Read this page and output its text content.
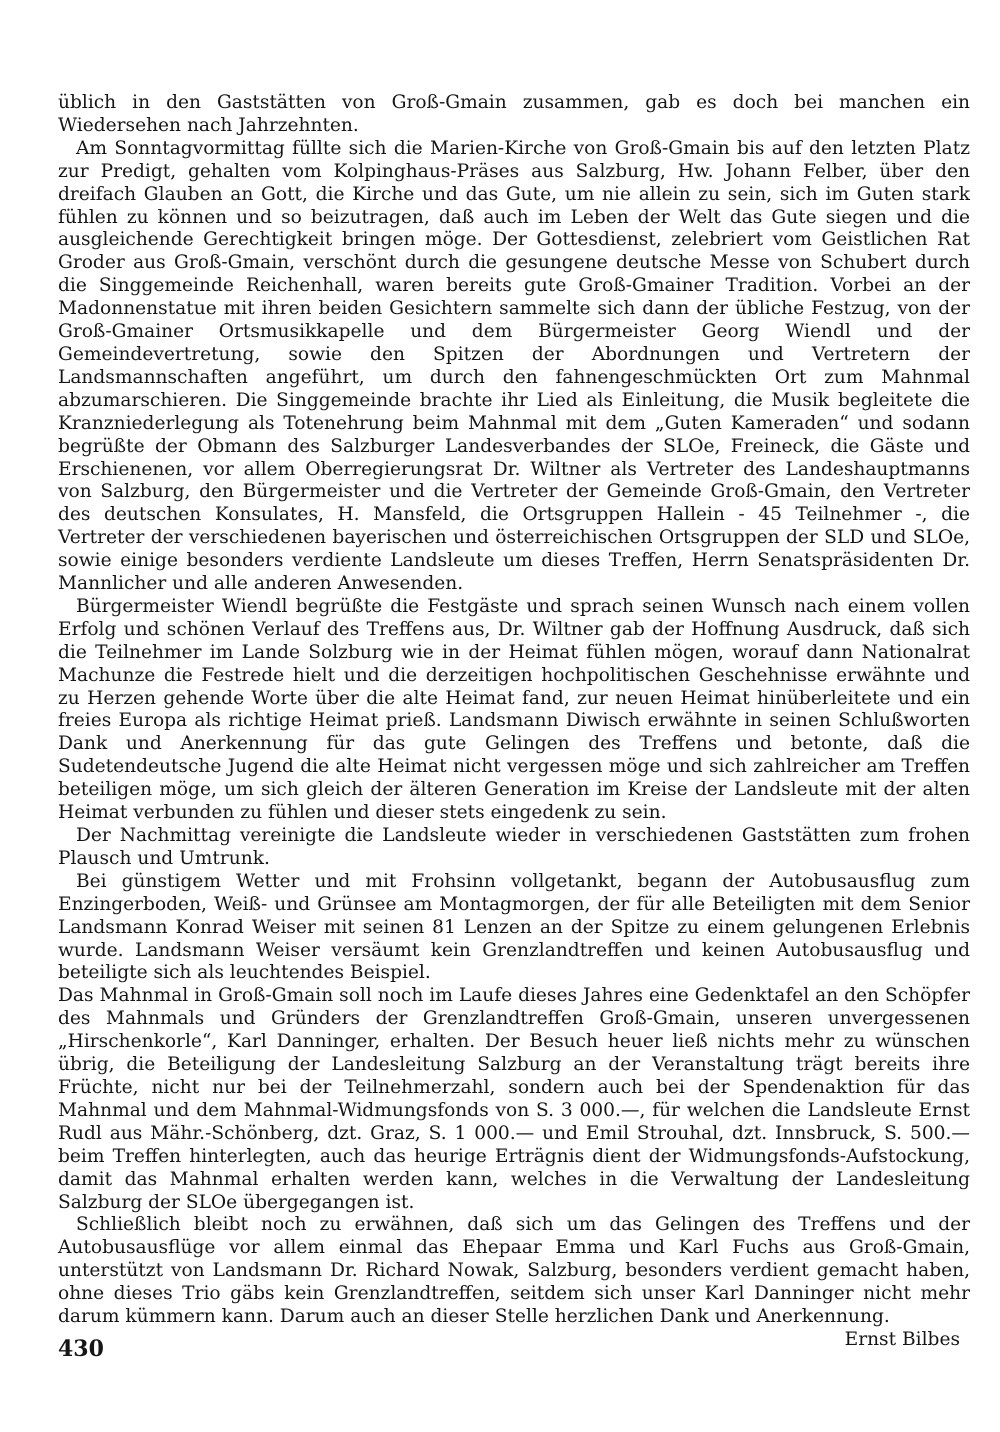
üblich in den Gaststätten von Groß-Gmain zusammen, gab es doch bei manchen ein Wiedersehen nach Jahrzehnten.

Am Sonntagvormittag füllte sich die Marien-Kirche von Groß-Gmain bis auf den letzten Platz zur Predigt, gehalten vom Kolpinghaus-Präses aus Salzburg, Hw. Johann Felber, über den dreifach Glauben an Gott, die Kirche und das Gute, um nie allein zu sein, sich im Guten stark fühlen zu können und so beizutragen, daß auch im Leben der Welt das Gute siegen und die ausgleichende Gerechtigkeit bringen möge. Der Gottesdienst, zelebriert vom Geistlichen Rat Groder aus Groß-Gmain, verschönt durch die gesungene deutsche Messe von Schubert durch die Singgemeinde Reichenhall, waren bereits gute Groß-Gmainer Tradition. Vorbei an der Madonnenstatue mit ihren beiden Gesichtern sammelte sich dann der übliche Festzug, von der Groß-Gmainer Ortsmusikkapelle und dem Bürgermeister Georg Wiendl und der Gemeindevertretung, sowie den Spitzen der Abordnungen und Vertretern der Landsmannschaften angeführt, um durch den fahnengeschmückten Ort zum Mahnmal abzumarschieren. Die Singgemeinde brachte ihr Lied als Einleitung, die Musik begleitete die Kranzniederlegung als Totenehrung beim Mahnmal mit dem „Guten Kameraden“ und sodann begrüßte der Obmann des Salzburger Landesverbandes der SLOe, Freineck, die Gäste und Erschienenen, vor allem Oberregierungsrat Dr. Wiltner als Vertreter des Landeshauptmanns von Salzburg, den Bürgermeister und die Vertreter der Gemeinde Groß-Gmain, den Vertreter des deutschen Konsulates, H. Mansfeld, die Ortsgruppen Hallein - 45 Teilnehmer -, die Vertreter der verschiedenen bayerischen und österreichischen Ortsgruppen der SLD und SLOe, sowie einige besonders verdiente Landsleute um dieses Treffen, Herrn Senatspräsidenten Dr. Mannlicher und alle anderen Anwesenden.

Bürgermeister Wiendl begrüßte die Festgäste und sprach seinen Wunsch nach einem vollen Erfolg und schönen Verlauf des Treffens aus, Dr. Wiltner gab der Hoffnung Ausdruck, daß sich die Teilnehmer im Lande Solzburg wie in der Heimat fühlen mögen, worauf dann Nationalrat Machunze die Festrede hielt und die derzeitigen hochpolitischen Geschehnisse erwähnte und zu Herzen gehende Worte über die alte Heimat fand, zur neuen Heimat hinüberleitete und ein freies Europa als richtige Heimat prieß. Landsmann Diwisch erwähnte in seinen Schlußworten Dank und Anerkennung für das gute Gelingen des Treffens und betonte, daß die Sudetendeutsche Jugend die alte Heimat nicht vergessen möge und sich zahlreicher am Treffen beteiligen möge, um sich gleich der älteren Generation im Kreise der Landsleute mit der alten Heimat verbunden zu fühlen und dieser stets eingedenk zu sein.

Der Nachmittag vereinigte die Landsleute wieder in verschiedenen Gaststätten zum frohen Plausch und Umtrunk.

Bei günstigem Wetter und mit Frohsinn vollgetankt, begann der Autobusausflug zum Enzingerboden, Weiß- und Grünsee am Montagmorgen, der für alle Beteiligten mit dem Senior Landsmann Konrad Weiser mit seinen 81 Lenzen an der Spitze zu einem gelungenen Erlebnis wurde. Landsmann Weiser versäumt kein Grenzlandtreffen und keinen Autobusausflug und beteiligte sich als leuchtendes Beispiel.

Das Mahnmal in Groß-Gmain soll noch im Laufe dieses Jahres eine Gedenktafel an den Schöpfer des Mahnmals und Gründers der Grenzlandtreffen Groß-Gmain, unseren unvergessenen „Hirschenkorle“, Karl Danninger, erhalten. Der Besuch heuer ließ nichts mehr zu wünschen übrig, die Beteiligung der Landesleitung Salzburg an der Veranstaltung trägt bereits ihre Früchte, nicht nur bei der Teilnehmerzahl, sondern auch bei der Spendenaktion für das Mahnmal und dem Mahnmal-Widmungsfonds von S. 3 000.—, für welchen die Landsleute Ernst Rudl aus Mähr.-Schönberg, dzt. Graz, S. 1 000.— und Emil Strouhal, dzt. Innsbruck, S. 500.— beim Treffen hinterlegten, auch das heurige Erträgnis dient der Widmungsfonds-Aufstockung, damit das Mahnmal erhalten werden kann, welches in die Verwaltung der Landesleitung Salzburg der SLOe übergegangen ist.

Schließlich bleibt noch zu erwähnen, daß sich um das Gelingen des Treffens und der Autobusausflüge vor allem einmal das Ehepaar Emma und Karl Fuchs aus Groß-Gmain, unterstützt von Landsmann Dr. Richard Nowak, Salzburg, besonders verdient gemacht haben, ohne dieses Trio gäbs kein Grenzlandtreffen, seitdem sich unser Karl Danninger nicht mehr darum kümmern kann. Darum auch an dieser Stelle herzlichen Dank und Anerkennung.

Ernst Bilbes

430
